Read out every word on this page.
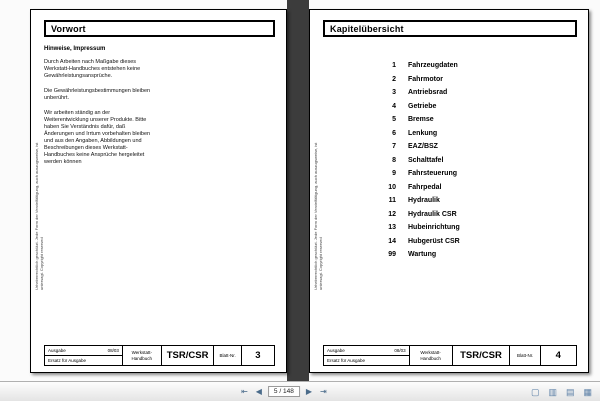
Vorwort
Urheberrechtlich geschützt. Jede Form der Vervielfältigung, auch auszugsweise, ist untersagt. Copyright reserved
Hinweise, Impressum

Durch Arbeiten nach Maßgabe dieses Werkstatt-Handbuches entstehen keine Gewährleistungsansprüche.

Die Gewährleistungsbestimmungen bleiben unberührt.

Wir arbeiten ständig an der Weiterentwicklung unserer Produkte. Bitte haben Sie Verständnis dafür, daß Änderungen und Irrtum vorbehalten bleiben und aus den Angaben, Abbildungen und Beschreibungen dieses Werkstatt-Handbuches keine Ansprüche hergeleitet werden können

Ausgabe	08/03
Ersatz für Ausgabe
Werkstatt-
Handbuch TSR/CSR Blatt-Nr. 3
Kapitelübersicht
Urheberrechtlich geschützt. Jede Form der Vervielfältigung, auch auszugsweise, ist untersagt. Copyright reserved
1 Fahrzeugdaten
2 Fahrmotor
3 Antriebsrad
4 Getriebe
5 Bremse
6 Lenkung
7 EAZ/BSZ
8 Schalttafel
9 Fahrsteuerung
10 Fahrpedal
11 Hydraulik
12 Hydraulik CSR
13 Hubeinrichtung
14 Hubgerüst CSR
99 Wartung
Ausgabe	08/03
Ersatz für Ausgabe
Werkstatt-
Handbuch TSR/CSR	Blatt-Nr. 4
⇤ ◀	5 / 148	▶ ⇥	▢ ▥ ▤ ▦
